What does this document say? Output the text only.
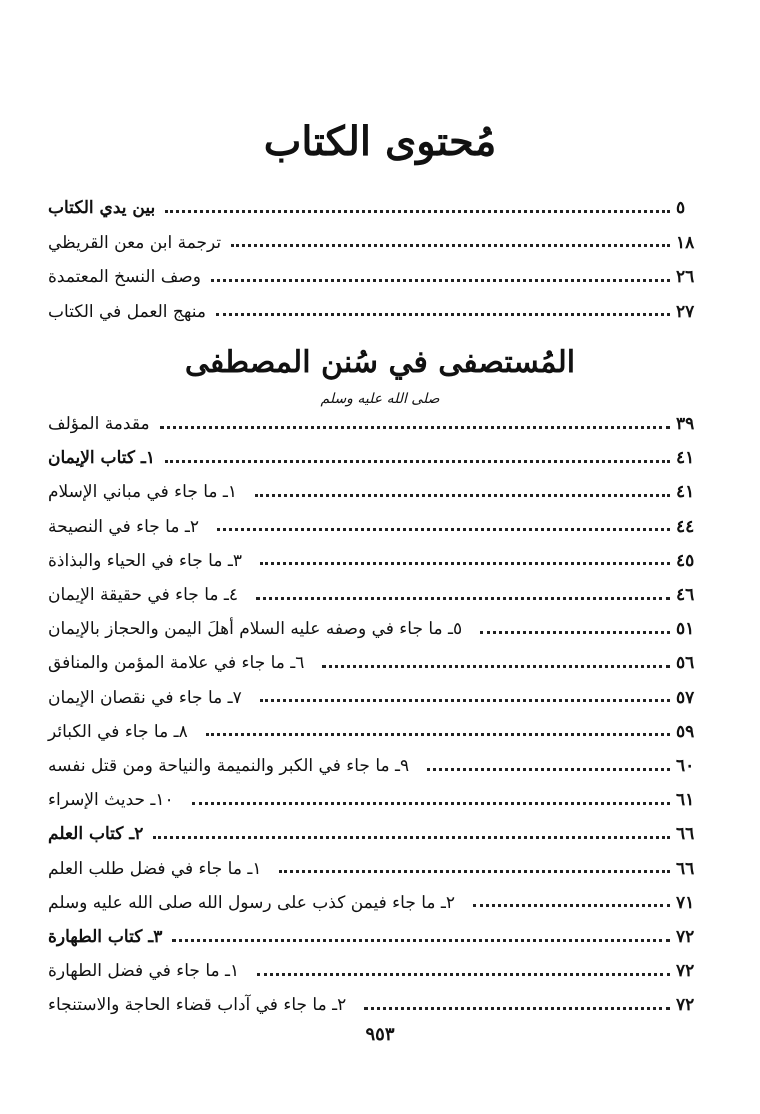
مُحتوى الكتاب
بين يدي الكتاب	٥
ترجمة ابن معن القريظي	١٨
وصف النسخ المعتمدة	٢٦
منهج العمل في الكتاب	٢٧
المُستصفى في سُنن المصطفى
صلى الله عليه وسلم
مقدمة المؤلف	٣٩
١ـ كتاب الإيمان	٤١
١ـ ما جاء في مباني الإسلام	٤١
٢ـ ما جاء في النصيحة	٤٤
٣ـ ما جاء في الحياء والبذاذة	٤٥
٤ـ ما جاء في حقيقة الإيمان	٤٦
٥ـ ما جاء في وصفه عليه السلام أهلَ اليمن والحجاز بالإيمان	٥١
٦ـ ما جاء في علامة المؤمن والمنافق	٥٦
٧ـ ما جاء في نقصان الإيمان	٥٧
٨ـ ما جاء في الكبائر	٥٩
٩ـ ما جاء في الكبر والنميمة والنياحة ومن قتل نفسه	٦٠
١٠ـ حديث الإسراء	٦١
٢ـ كتاب العلم	٦٦
١ـ ما جاء في فضل طلب العلم	٦٦
٢ـ ما جاء فيمن كذب على رسول الله صلى الله عليه وسلم	٧١
٣ـ كتاب الطهارة	٧٢
١ـ ما جاء في فضل الطهارة	٧٢
٢ـ ما جاء في آداب قضاء الحاجة والاستنجاء	٧٢
٩٥٣
